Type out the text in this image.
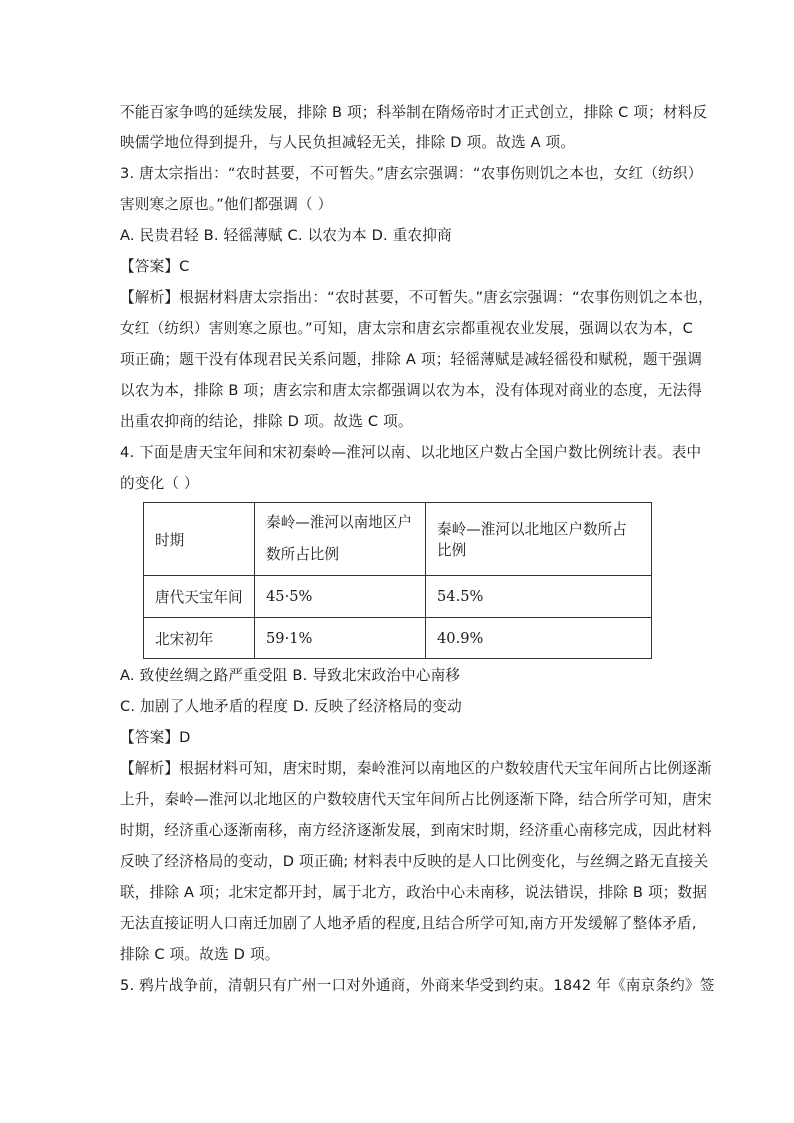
不能百家争鸣的延续发展，排除 B 项；科举制在隋炀帝时才正式创立，排除 C 项；材料反
映儒学地位得到提升，与人民负担减轻无关，排除 D 项。故选 A 项。
3. 唐太宗指出：“农时甚要，不可暂失。”唐玄宗强调：“农事伤则饥之本也，女红（纺织）
害则寒之原也。”他们都强调（ ）
A. 民贵君轻 B. 轻徭薄赋 C. 以农为本 D. 重农抑商
【答案】C
【解析】根据材料唐太宗指出：“农时甚要，不可暂失。”唐玄宗强调：“农事伤则饥之本也，
女红（纺织）害则寒之原也。”可知，唐太宗和唐玄宗都重视农业发展，强调以农为本，C
项正确；题干没有体现君民关系问题，排除 A 项；轻徭薄赋是减轻徭役和赋税，题干强调
以农为本，排除 B 项；唐玄宗和唐太宗都强调以农为本，没有体现对商业的态度，无法得
出重农抑商的结论，排除 D 项。故选 C 项。
4. 下面是唐天宝年间和宋初秦岭—淮河以南、以北地区户数占全国户数比例统计表。表中
的变化（ ）
时期	秦岭—淮河以南地区户数所占比例	秦岭—淮河以北地区户数所占比例
唐代天宝年间	45·5%	54.5%
北宋初年	59·1%	40.9%
A. 致使丝绸之路严重受阻 B. 导致北宋政治中心南移
C. 加剧了人地矛盾的程度 D. 反映了经济格局的变动
【答案】D
【解析】根据材料可知，唐宋时期，秦岭淮河以南地区的户数较唐代天宝年间所占比例逐渐
上升，秦岭—淮河以北地区的户数较唐代天宝年间所占比例逐渐下降，结合所学可知，唐宋
时期，经济重心逐渐南移，南方经济逐渐发展，到南宋时期，经济重心南移完成，因此材料
反映了经济格局的变动，D 项正确; 材料表中反映的是人口比例变化，与丝绸之路无直接关
联，排除 A 项；北宋定都开封，属于北方，政治中心未南移，说法错误，排除 B 项；数据
无法直接证明人口南迁加剧了人地矛盾的程度,且结合所学可知,南方开发缓解了整体矛盾,
排除 C 项。故选 D 项。
5. 鸦片战争前，清朝只有广州一口对外通商，外商来华受到约束。1842 年《南京条约》签
